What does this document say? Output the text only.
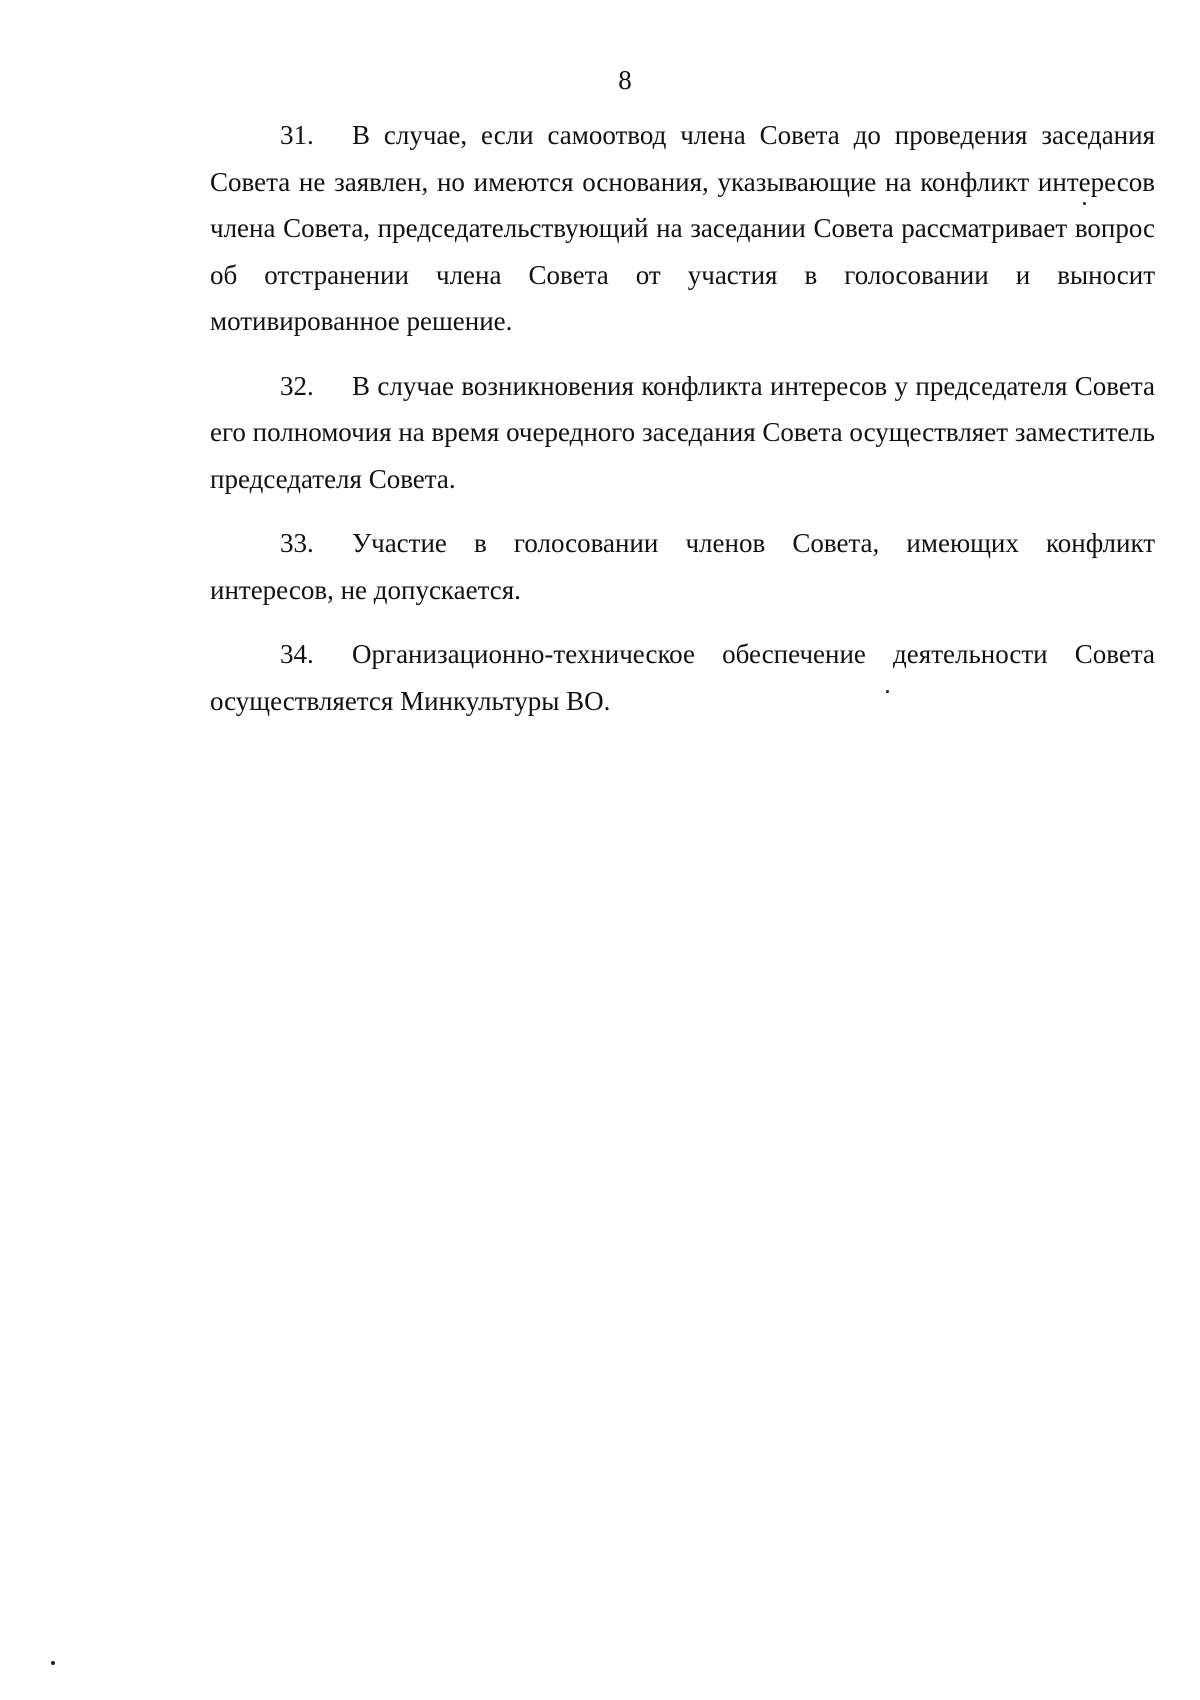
8

31. В случае, если самоотвод члена Совета до проведения заседания Совета не заявлен, но имеются основания, указывающие на конфликт интересов члена Совета, председательствующий на заседании Совета рассматривает вопрос об отстранении члена Совета от участия в голосовании и выносит мотивированное решение.

32. В случае возникновения конфликта интересов у председателя Совета его полномочия на время очередного заседания Совета осуществляет заместитель председателя Совета.

33. Участие в голосовании членов Совета, имеющих конфликт интересов, не допускается.

34. Организационно-техническое обеспечение деятельности Совета осуществляется Минкультуры ВО.
